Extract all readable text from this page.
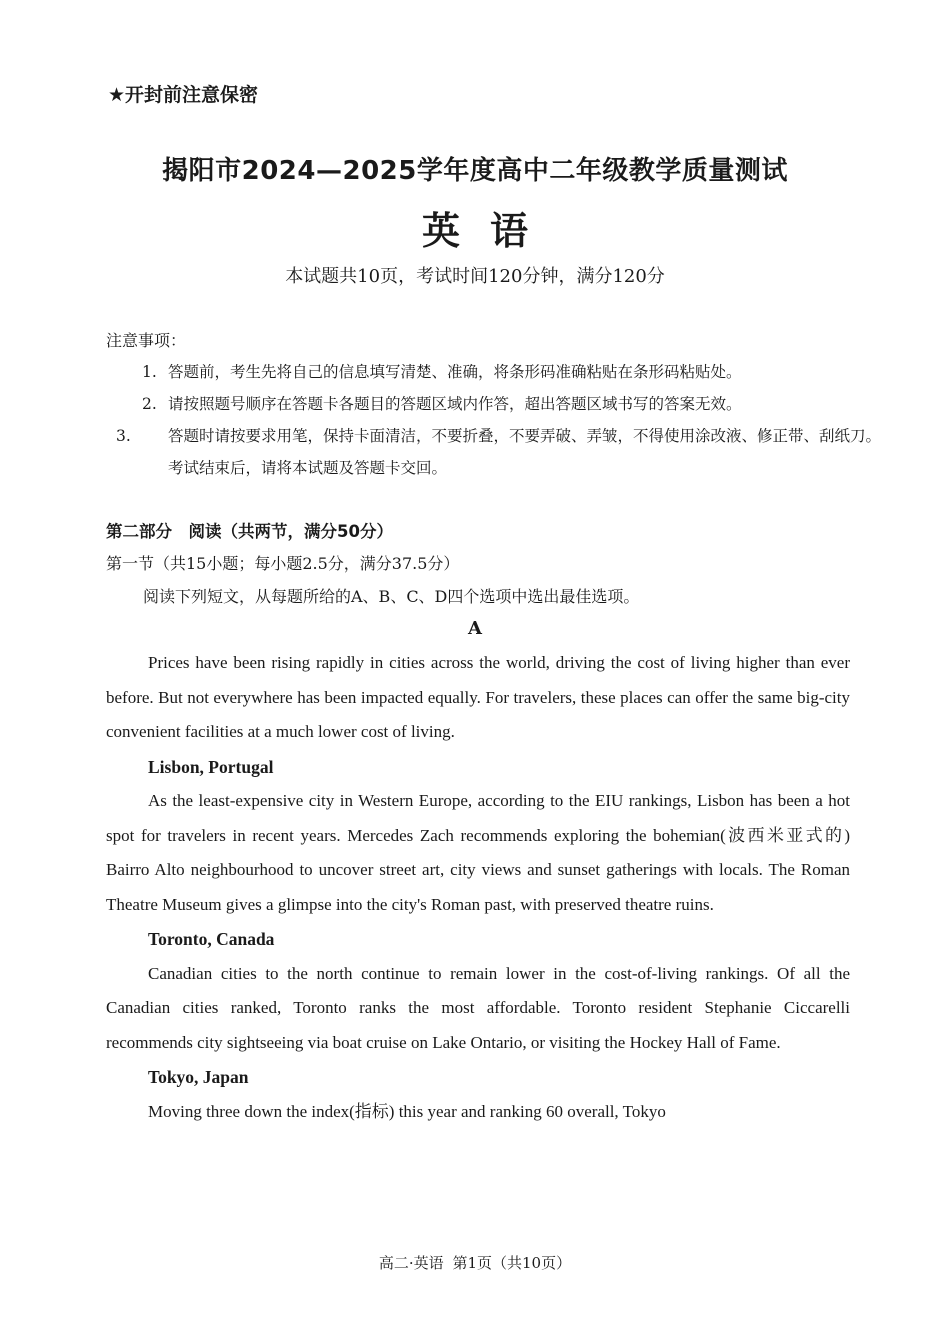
★开封前注意保密
揭阳市2024—2025学年度高中二年级教学质量测试
英语
本试题共10页，考试时间120分钟，满分120分
注意事项：
1. 答题前，考生先将自己的信息填写清楚、准确，将条形码准确粘贴在条形码粘贴处。
2. 请按照题号顺序在答题卡各题目的答题区域内作答，超出答题区域书写的答案无效。
3. 答题时请按要求用笔，保持卡面清洁，不要折叠，不要弄破、弄皱，不得使用涂改液、修正带、刮纸刀。考试结束后，请将本试题及答题卡交回。
第二部分　阅读（共两节，满分50分）
第一节（共15小题；每小题2.5分，满分37.5分）
阅读下列短文，从每题所给的A、B、C、D四个选项中选出最佳选项。
A

Prices have been rising rapidly in cities across the world, driving the cost of living higher than ever before. But not everywhere has been impacted equally. For travelers, these places can offer the same big-city convenient facilities at a much lower cost of living.

Lisbon, Portugal

As the least-expensive city in Western Europe, according to the EIU rankings, Lisbon has been a hot spot for travelers in recent years. Mercedes Zach recommends exploring the bohemian(波西米亚式的) Bairro Alto neighbourhood to uncover street art, city views and sunset gatherings with locals. The Roman Theatre Museum gives a glimpse into the city's Roman past, with preserved theatre ruins.

Toronto, Canada

Canadian cities to the north continue to remain lower in the cost-of-living rankings. Of all the Canadian cities ranked, Toronto ranks the most affordable. Toronto resident Stephanie Ciccarelli recommends city sightseeing via boat cruise on Lake Ontario, or visiting the Hockey Hall of Fame.

Tokyo, Japan

Moving three down the index(指标) this year and ranking 60 overall, Tokyo

高二·英语 第1页（共10页）
